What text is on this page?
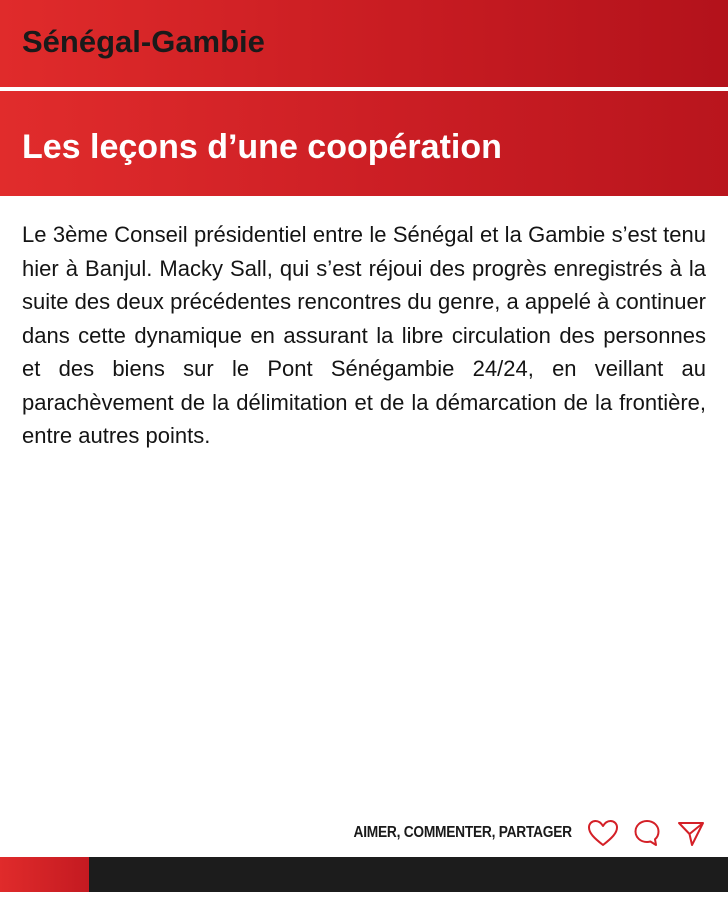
Sénégal-Gambie
Les leçons d’une coopération

Le 3ème Conseil présidentiel entre le Sénégal et la Gambie s’est tenu hier à Banjul. Macky Sall, qui s’est réjoui des progrès enregistrés à la suite des deux précédentes rencontres du genre, a appelé à continuer dans cette dynamique en assurant la libre circulation des personnes et des biens sur le Pont Sénégambie 24/24, en veillant au parachèvement de la délimitation et de la démarcation de la frontière, entre autres points.

AIMER, COMMENTER, PARTAGER
